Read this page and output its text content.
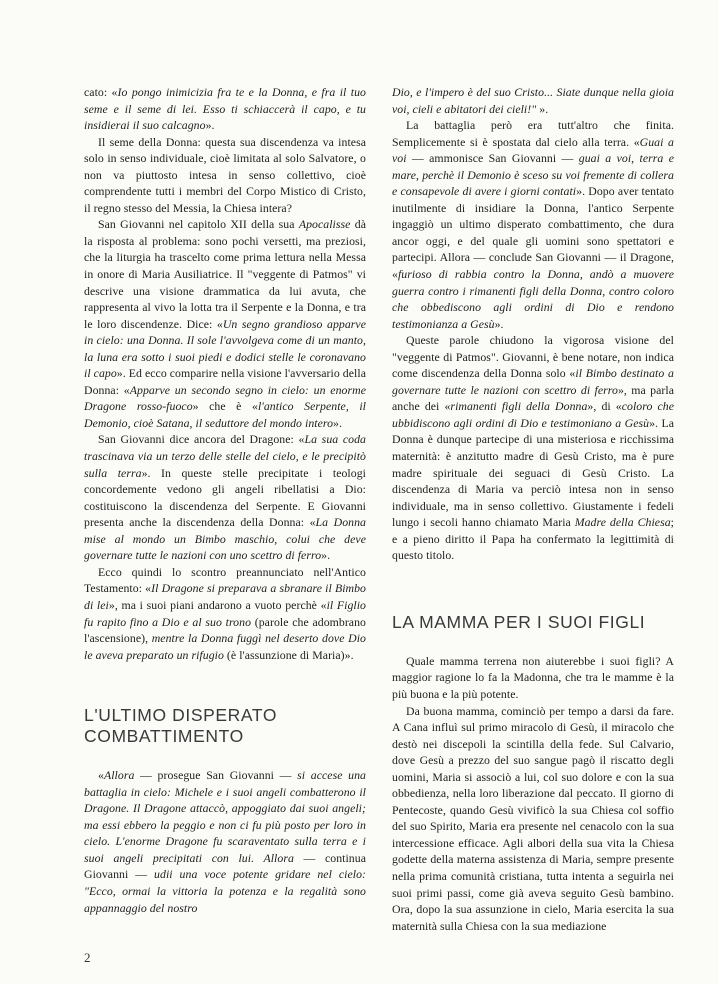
cato: «Io pongo inimicizia fra te e la Donna, e fra il tuo seme e il seme di lei. Esso ti schiaccerà il capo, e tu insidierai il suo calcagno».

Il seme della Donna: questa sua discendenza va intesa solo in senso individuale, cioè limitata al solo Salvatore, o non va piuttosto intesa in senso collettivo, cioè comprendente tutti i membri del Corpo Mistico di Cristo, il regno stesso del Messia, la Chiesa intera?

San Giovanni nel capitolo XII della sua Apocalisse dà la risposta al problema: sono pochi versetti, ma preziosi, che la liturgia ha trascelto come prima lettura nella Messa in onore di Maria Ausiliatrice. Il "veggente di Patmos" vi descrive una visione drammatica da lui avuta, che rappresenta al vivo la lotta tra il Serpente e la Donna, e tra le loro discendenze. Dice: «Un segno grandioso apparve in cielo: una Donna. Il sole l'avvolgeva come di un manto, la luna era sotto i suoi piedi e dodici stelle le coronavano il capo». Ed ecco comparire nella visione l'avversario della Donna: «Apparve un secondo segno in cielo: un enorme Dragone rosso-fuoco» che è «l'antico Serpente, il Demonio, cioè Satana, il seduttore del mondo intero».

San Giovanni dice ancora del Dragone: «La sua coda trascinava via un terzo delle stelle del cielo, e le precipitò sulla terra». In queste stelle precipitate i teologi concordemente vedono gli angeli ribellatisi a Dio: costituiscono la discendenza del Serpente. E Giovanni presenta anche la discendenza della Donna: «La Donna mise al mondo un Bimbo maschio, colui che deve governare tutte le nazioni con uno scettro di ferro».

Ecco quindi lo scontro preannunciato nell'Antico Testamento: «Il Dragone si preparava a sbranare il Bimbo di lei», ma i suoi piani andarono a vuoto perchè «il Figlio fu rapito fino a Dio e al suo trono (parole che adombrano l'ascensione), mentre la Donna fuggì nel deserto dove Dio le aveva preparato un rifugio (è l'assunzione di Maria)».

L'ULTIMO DISPERATO COMBATTIMENTO

«Allora — prosegue San Giovanni — si accese una battaglia in cielo: Michele e i suoi angeli combatterono il Dragone. Il Dragone attaccò, appoggiato dai suoi angeli; ma essi ebbero la peggio e non ci fu più posto per loro in cielo. L'enorme Dragone fu scaraventato sulla terra e i suoi angeli precipitati con lui. Allora — continua Giovanni — udii una voce potente gridare nel cielo: "Ecco, ormai la vittoria la potenza e la regalità sono appannaggio del nostro

Dio, e l'impero è del suo Cristo... Siate dunque nella gioia voi, cieli e abitatori dei cieli!" ».

La battaglia però era tutt'altro che finita. Semplicemente si è spostata dal cielo alla terra. «Guai a voi — ammonisce San Giovanni — guai a voi, terra e mare, perchè il Demonio è sceso su voi fremente di collera e consapevole di avere i giorni contati». Dopo aver tentato inutilmente di insidiare la Donna, l'antico Serpente ingaggiò un ultimo disperato combattimento, che dura ancor oggi, e del quale gli uomini sono spettatori e partecipi. Allora — conclude San Giovanni — il Dragone, «furioso di rabbia contro la Donna, andò a muovere guerra contro i rimanenti figli della Donna, contro coloro che obbediscono agli ordini di Dio e rendono testimonianza a Gesù».

Queste parole chiudono la vigorosa visione del "veggente di Patmos". Giovanni, è bene notare, non indica come discendenza della Donna solo «il Bimbo destinato a governare tutte le nazioni con scettro di ferro», ma parla anche dei «rimanenti figli della Donna», di «coloro che ubbidiscono agli ordini di Dio e testimoniano a Gesù». La Donna è dunque partecipe di una misteriosa e ricchissima maternità: è anzitutto madre di Gesù Cristo, ma è pure madre spirituale dei seguaci di Gesù Cristo. La discendenza di Maria va perciò intesa non in senso individuale, ma in senso collettivo. Giustamente i fedeli lungo i secoli hanno chiamato Maria Madre della Chiesa; e a pieno diritto il Papa ha confermato la legittimità di questo titolo.

LA MAMMA PER I SUOI FIGLI

Quale mamma terrena non aiuterebbe i suoi figli? A maggior ragione lo fa la Madonna, che tra le mamme è la più buona e la più potente.

Da buona mamma, cominciò per tempo a darsi da fare. A Cana influì sul primo miracolo di Gesù, il miracolo che destò nei discepoli la scintilla della fede. Sul Calvario, dove Gesù a prezzo del suo sangue pagò il riscatto degli uomini, Maria si associò a lui, col suo dolore e con la sua obbedienza, nella loro liberazione dal peccato. Il giorno di Pentecoste, quando Gesù vivificò la sua Chiesa col soffio del suo Spirito, Maria era presente nel cenacolo con la sua intercessione efficace. Agli albori della sua vita la Chiesa godette della materna assistenza di Maria, sempre presente nella prima comunità cristiana, tutta intenta a seguirla nei suoi primi passi, come già aveva seguito Gesù bambino. Ora, dopo la sua assunzione in cielo, Maria esercita la sua maternità sulla Chiesa con la sua mediazione

2
